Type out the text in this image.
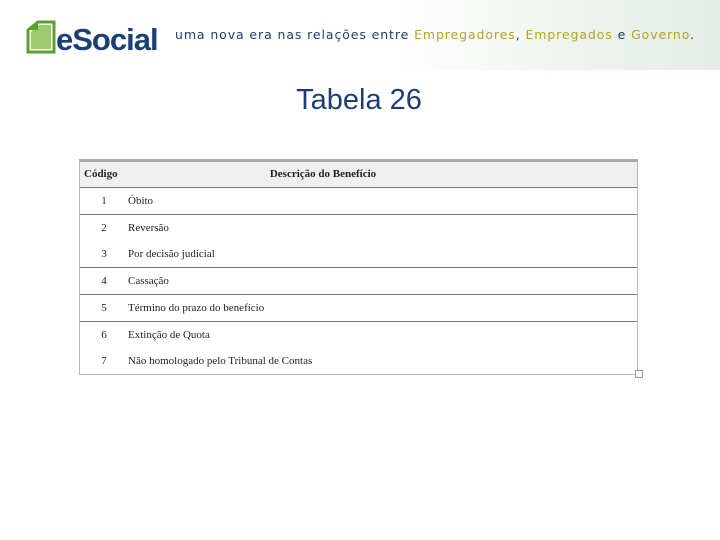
eSocial uma nova era nas relações entre Empregadores, Empregados e Governo.
Tabela 26
Código	Descrição do Benefício
1	Óbito
2	Reversão
3	Por decisão judicial
4	Cassação
5	Término do prazo do benefício
6	Extinção de Quota
7	Não homologado pelo Tribunal de Contas
